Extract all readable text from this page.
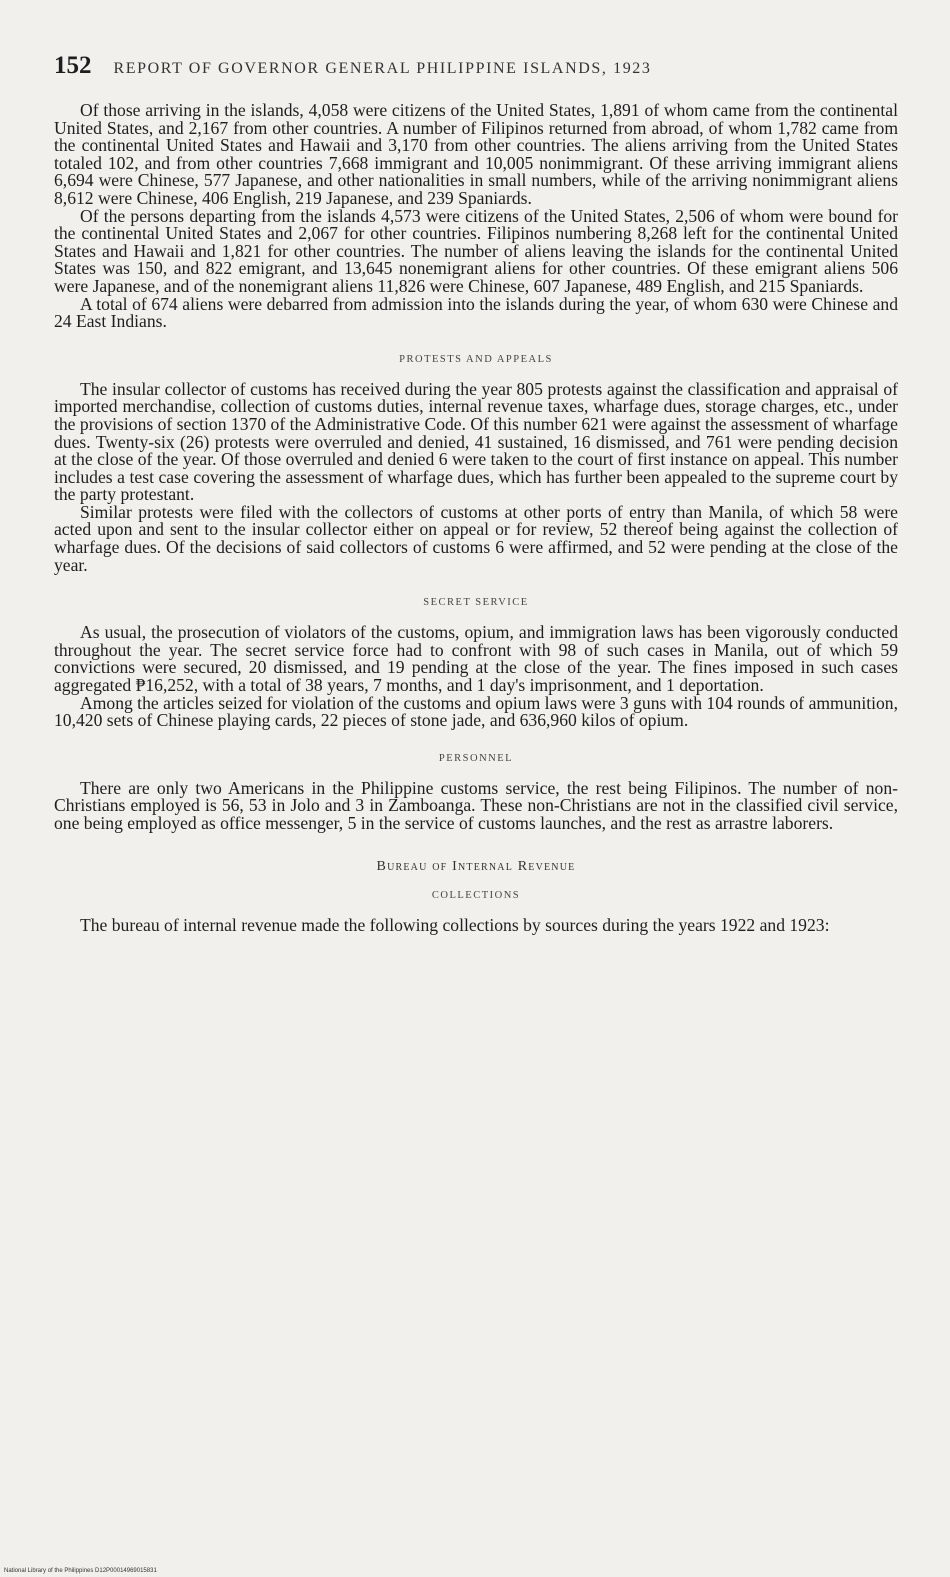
152 REPORT OF GOVERNOR GENERAL PHILIPPINE ISLANDS, 1923

Of those arriving in the islands, 4,058 were citizens of the United States, 1,891 of whom came from the continental United States, and 2,167 from other countries. A number of Filipinos returned from abroad, of whom 1,782 came from the continental United States and Hawaii and 3,170 from other countries. The aliens arriving from the United States totaled 102, and from other countries 7,668 immigrant and 10,005 nonimmigrant. Of these arriving immigrant aliens 6,694 were Chinese, 577 Japanese, and other nationalities in small numbers, while of the arriving nonimmigrant aliens 8,612 were Chinese, 406 English, 219 Japanese, and 239 Spaniards.

Of the persons departing from the islands 4,573 were citizens of the United States, 2,506 of whom were bound for the continental United States and 2,067 for other countries. Filipinos numbering 8,268 left for the continental United States and Hawaii and 1,821 for other countries. The number of aliens leaving the islands for the continental United States was 150, and 822 emigrant, and 13,645 nonemigrant aliens for other countries. Of these emigrant aliens 506 were Japanese, and of the nonemigrant aliens 11,826 were Chinese, 607 Japanese, 489 English, and 215 Spaniards.

A total of 674 aliens were debarred from admission into the islands during the year, of whom 630 were Chinese and 24 East Indians.

PROTESTS AND APPEALS

The insular collector of customs has received during the year 805 protests against the classification and appraisal of imported merchandise, collection of customs duties, internal revenue taxes, wharfage dues, storage charges, etc., under the provisions of section 1370 of the Administrative Code. Of this number 621 were against the assessment of wharfage dues. Twenty-six (26) protests were overruled and denied, 41 sustained, 16 dismissed, and 761 were pending decision at the close of the year. Of those overruled and denied 6 were taken to the court of first instance on appeal. This number includes a test case covering the assessment of wharfage dues, which has further been appealed to the supreme court by the party protestant.

Similar protests were filed with the collectors of customs at other ports of entry than Manila, of which 58 were acted upon and sent to the insular collector either on appeal or for review, 52 thereof being against the collection of wharfage dues. Of the decisions of said collectors of customs 6 were affirmed, and 52 were pending at the close of the year.

SECRET SERVICE

As usual, the prosecution of violators of the customs, opium, and immigration laws has been vigorously conducted throughout the year. The secret service force had to confront with 98 of such cases in Manila, out of which 59 convictions were secured, 20 dismissed, and 19 pending at the close of the year. The fines imposed in such cases aggregated ₱16,252, with a total of 38 years, 7 months, and 1 day's imprisonment, and 1 deportation.

Among the articles seized for violation of the customs and opium laws were 3 guns with 104 rounds of ammunition, 10,420 sets of Chinese playing cards, 22 pieces of stone jade, and 636,960 kilos of opium.

PERSONNEL

There are only two Americans in the Philippine customs service, the rest being Filipinos. The number of non-Christians employed is 56, 53 in Jolo and 3 in Zamboanga. These non-Christians are not in the classified civil service, one being employed as office messenger, 5 in the service of customs launches, and the rest as arrastre laborers.

Bureau of Internal Revenue
COLLECTIONS

The bureau of internal revenue made the following collections by sources during the years 1922 and 1923:

National Library of the Philippines D12P00014969015831
